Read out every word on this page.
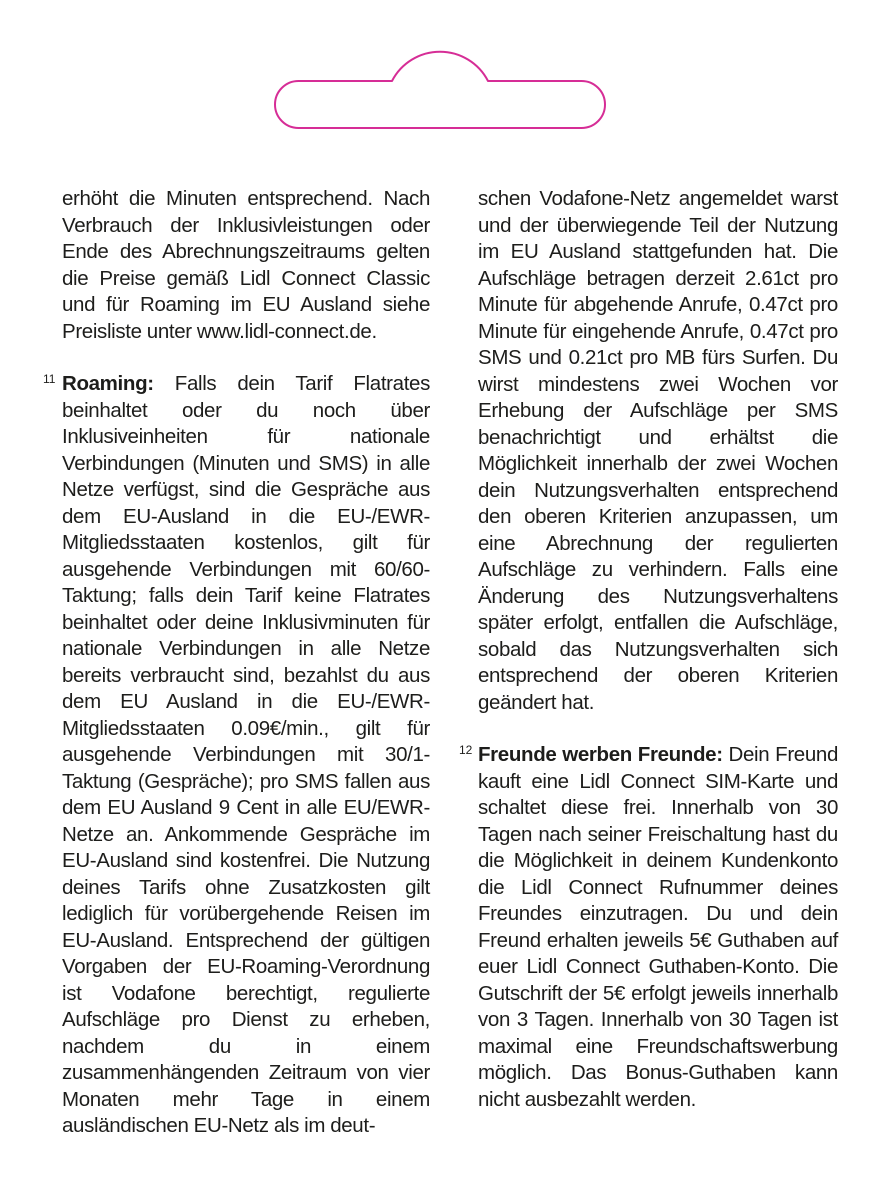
erhöht die Minuten entsprechend. Nach Verbrauch der Inklusivleistungen oder Ende des Abrechnungszeitraums gelten die Preise gemäß Lidl Connect Classic und für Roaming im EU Ausland siehe Preisliste unter www.lidl-connect.de.

11 Roaming: Falls dein Tarif Flatrates beinhaltet oder du noch über Inklusiveinheiten für nationale Verbindungen (Minuten und SMS) in alle Netze verfügst, sind die Gespräche aus dem EU-Ausland in die EU-/EWR-Mitgliedsstaaten kostenlos, gilt für ausgehende Verbindungen mit 60/60-Taktung; falls dein Tarif keine Flatrates beinhaltet oder deine Inklusivminuten für nationale Verbindungen in alle Netze bereits verbraucht sind, bezahlst du aus dem EU Ausland in die EU-/EWR- Mitgliedsstaaten 0.09€/min., gilt für ausgehende Verbindungen mit 30/1-Taktung (Gespräche); pro SMS fallen aus dem EU Ausland 9 Cent in alle EU/EWR-Netze an. Ankommende Gespräche im EU-Ausland sind kostenfrei. Die Nutzung deines Tarifs ohne Zusatzkosten gilt lediglich für vorübergehende Reisen im EU-Ausland. Entsprechend der gültigen Vorgaben der EU-Roaming-Verordnung ist Vodafone berechtigt, regulierte Aufschläge pro Dienst zu erheben, nachdem du in einem zusammenhängenden Zeitraum von vier Monaten mehr Tage in einem ausländischen EU-Netz als im deut-

schen Vodafone-Netz angemeldet warst und der überwiegende Teil der Nutzung im EU Ausland stattgefunden hat. Die Aufschläge betragen derzeit 2.61ct pro Minute für abgehende Anrufe, 0.47ct pro Minute für eingehende Anrufe, 0.47ct pro SMS und 0.21ct pro MB fürs Surfen. Du wirst mindestens zwei Wochen vor Erhebung der Aufschläge per SMS benachrichtigt und erhältst die Möglichkeit innerhalb der zwei Wochen dein Nutzungsverhalten entsprechend den oberen Kriterien anzupassen, um eine Abrechnung der regulierten Aufschläge zu verhindern. Falls eine Änderung des Nutzungsverhaltens später erfolgt, entfallen die Aufschläge, sobald das Nutzungsverhalten sich entsprechend der oberen Kriterien geändert hat.

12 Freunde werben Freunde: Dein Freund kauft eine Lidl Connect SIM-Karte und schaltet diese frei. Innerhalb von 30 Tagen nach seiner Freischaltung hast du die Möglichkeit in deinem Kundenkonto die Lidl Connect Rufnummer deines Freundes einzutragen. Du und dein Freund erhalten jeweils 5€ Guthaben auf euer Lidl Connect Guthaben-Konto. Die Gutschrift der 5€ erfolgt jeweils innerhalb von 3 Tagen. Innerhalb von 30 Tagen ist maximal eine Freundschaftswerbung möglich. Das Bonus-Guthaben kann nicht ausbezahlt werden.
